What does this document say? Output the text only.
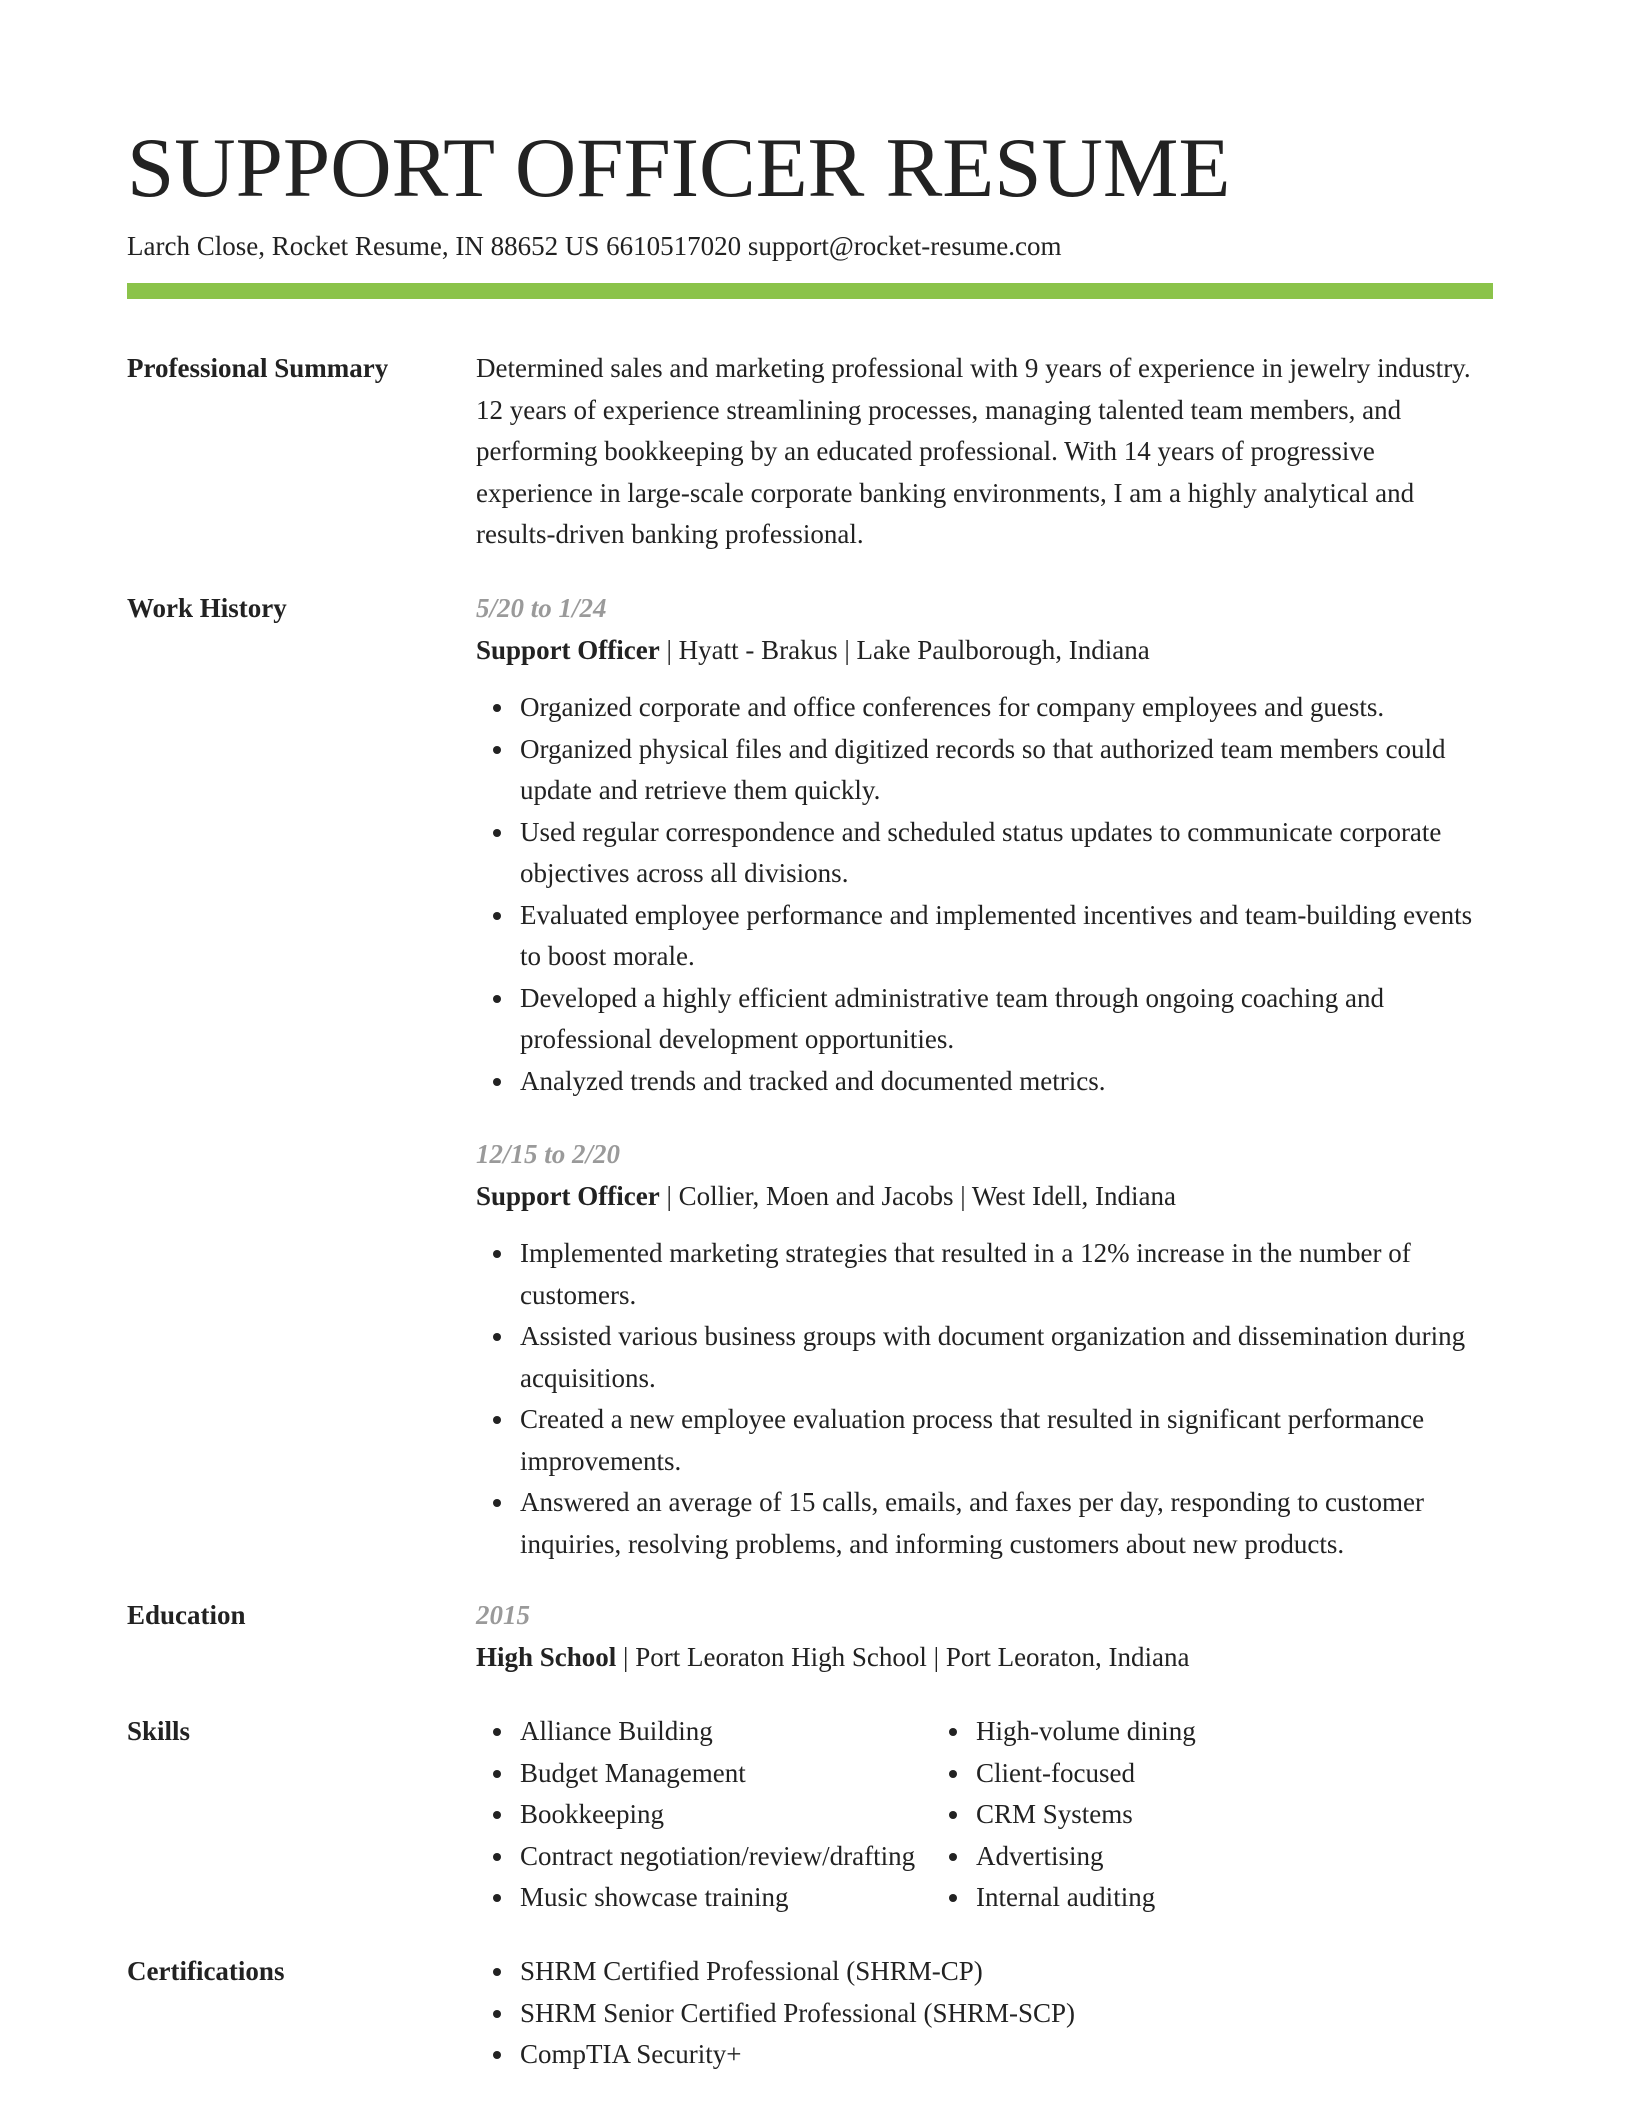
SUPPORT OFFICER RESUME
Larch Close, Rocket Resume, IN 88652 US 6610517020 support@rocket-resume.com
Professional Summary	Determined sales and marketing professional with 9 years of experience in jewelry industry. 12 years of experience streamlining processes, managing talented team members, and performing bookkeeping by an educated professional. With 14 years of progressive experience in large-scale corporate banking environments, I am a highly analytical and results-driven banking professional.

Work History	5/20 to 1/24

Support Officer | Hyatt - Brakus | Lake Paulborough, Indiana

Organized corporate and office conferences for company employees and guests.
Organized physical files and digitized records so that authorized team members could update and retrieve them quickly.
Used regular correspondence and scheduled status updates to communicate corporate objectives across all divisions.
Evaluated employee performance and implemented incentives and team-building events to boost morale.
Developed a highly efficient administrative team through ongoing coaching and professional development opportunities.
Analyzed trends and tracked and documented metrics.

12/15 to 2/20

Support Officer | Collier, Moen and Jacobs | West Idell, Indiana

Implemented marketing strategies that resulted in a 12% increase in the number of customers.
Assisted various business groups with document organization and dissemination during acquisitions.
Created a new employee evaluation process that resulted in significant performance improvements.
Answered an average of 15 calls, emails, and faxes per day, responding to customer inquiries, resolving problems, and informing customers about new products.
Education	2015

High School | Port Leoraton High School | Port Leoraton, Indiana

Skills	Alliance Building
Budget Management
Bookkeeping
Contract negotiation/review/drafting
Music showcase training
High-volume dining
Client-focused
CRM Systems
Advertising
Internal auditing
Certifications	SHRM Certified Professional (SHRM-CP)
SHRM Senior Certified Professional (SHRM-SCP)
CompTIA Security+
